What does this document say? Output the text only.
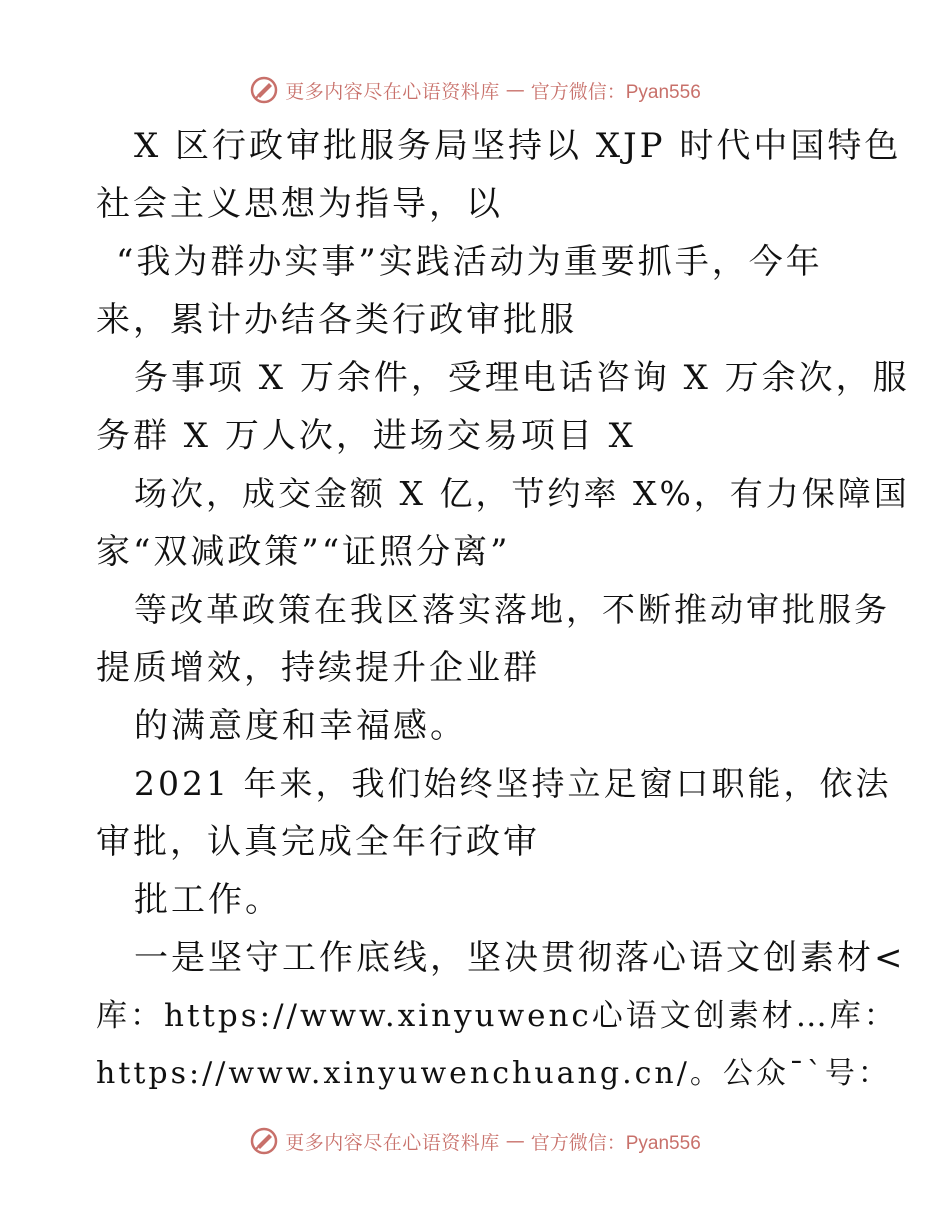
更多内容尽在心语资料库 — 官方微信：Pyan556
X 区行政审批服务局坚持以 XJP 时代中国特色
社会主义思想为指导，以
“我为群办实事”实践活动为重要抓手，今年
来，累计办结各类行政审批服
务事项 X 万余件，受理电话咨询 X 万余次，服
务群 X 万人次，进场交易项目 X
场次，成交金额 X 亿，节约率 X%，有力保障国
家“双减政策”“证照分离”
等改革政策在我区落实落地，不断推动审批服务
提质增效，持续提升企业群
的满意度和幸福感。
2021 年来，我们始终坚持立足窗口职能，依法
审批，认真完成全年行政审
批工作。
一是坚守工作底线，坚决贯彻落心语文创素材<
库：https://www.xinyuwenc心语文创素材…库：
https://www.xinyuwenchuang.cn/。公众¯`号：
更多内容尽在心语资料库 — 官方微信：Pyan556
